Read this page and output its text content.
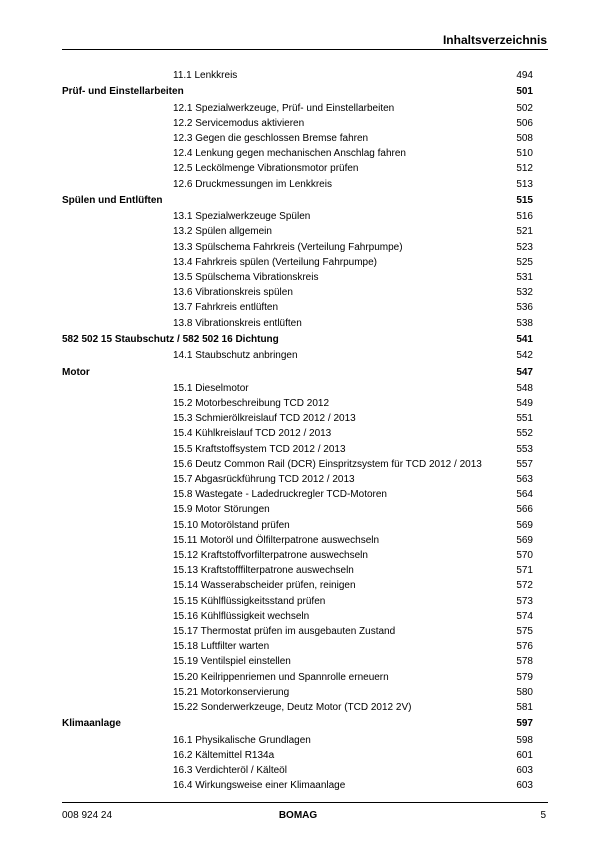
Inhaltsverzeichnis
11.1 Lenkkreis	494
Prüf- und Einstellarbeiten	501
12.1 Spezialwerkzeuge, Prüf- und Einstellarbeiten	502
12.2 Servicemodus aktivieren	506
12.3 Gegen die geschlossen Bremse fahren	508
12.4 Lenkung gegen mechanischen Anschlag fahren	510
12.5 Leckölmenge Vibrationsmotor prüfen	512
12.6 Druckmessungen im Lenkkreis	513
Spülen und Entlüften	515
13.1 Spezialwerkzeuge Spülen	516
13.2 Spülen allgemein	521
13.3 Spülschema Fahrkreis (Verteilung Fahrpumpe)	523
13.4 Fahrkreis spülen (Verteilung Fahrpumpe)	525
13.5 Spülschema Vibrationskreis	531
13.6 Vibrationskreis spülen	532
13.7 Fahrkreis entlüften	536
13.8 Vibrationskreis entlüften	538
582 502 15 Staubschutz / 582 502 16 Dichtung	541
14.1 Staubschutz anbringen	542
Motor	547
15.1 Dieselmotor	548
15.2 Motorbeschreibung TCD 2012	549
15.3 Schmierölkreislauf TCD 2012 / 2013	551
15.4 Kühlkreislauf TCD 2012 / 2013	552
15.5 Kraftstoffsystem TCD 2012 / 2013	553
15.6 Deutz Common Rail (DCR) Einspritzsystem für TCD 2012 / 2013	557
15.7 Abgasrückführung TCD 2012 / 2013	563
15.8 Wastegate - Ladedruckregler TCD-Motoren	564
15.9 Motor Störungen	566
15.10 Motorölstand prüfen	569
15.11 Motoröl und Ölfilterpatrone auswechseln	569
15.12 Kraftstoffvorfilterpatrone auswechseln	570
15.13 Kraftstofffilterpatrone auswechseln	571
15.14 Wasserabscheider prüfen, reinigen	572
15.15 Kühlflüssigkeitsstand prüfen	573
15.16 Kühlflüssigkeit wechseln	574
15.17 Thermostat prüfen im ausgebauten Zustand	575
15.18 Luftfilter warten	576
15.19 Ventilspiel einstellen	578
15.20 Keilrippenriemen und Spannrolle erneuern	579
15.21 Motorkonservierung	580
15.22 Sonderwerkzeuge, Deutz Motor (TCD 2012 2V)	581
Klimaanlage	597
16.1 Physikalische Grundlagen	598
16.2 Kältemittel R134a	601
16.3 Verdichteröl / Kälteöl	603
16.4 Wirkungsweise einer Klimaanlage	603
008 924 24	BOMAG	5
